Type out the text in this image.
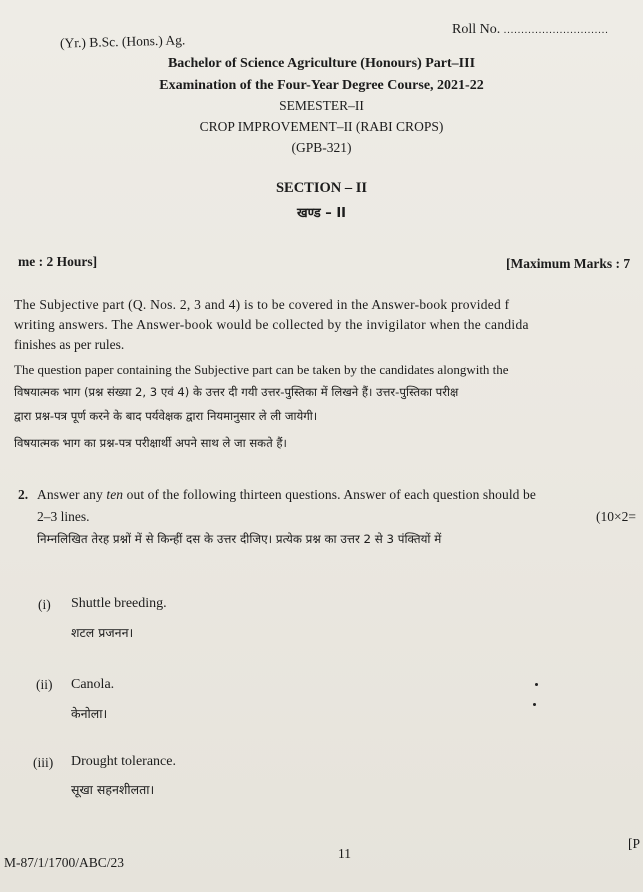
Roll No. ..............................
(Yr.) B.Sc. (Hons.) Ag.
Bachelor of Science Agriculture (Honours) Part–III
Examination of the Four-Year Degree Course, 2021-22
SEMESTER–II
CROP IMPROVEMENT–II (RABI CROPS)
(GPB-321)
SECTION – II
खण्ड – II
me : 2 Hours]	[Maximum Marks : 7
The Subjective part (Q. Nos. 2, 3 and 4) is to be covered in the Answer-book provided f
writing answers. The Answer-book would be collected by the invigilator when the candida
finishes as per rules.
The question paper containing the Subjective part can be taken by the candidates alongwith the
विषयात्मक भाग (प्रश्न संख्या 2, 3 एवं 4) के उत्तर दी गयी उत्तर-पुस्तिका में लिखने हैं। उत्तर-पुस्तिका परीक्ष
द्वारा प्रश्न-पत्र पूर्ण करने के बाद पर्यवेक्षक द्वारा नियमानुसार ले ली जायेगी।
विषयात्मक भाग का प्रश्न-पत्र परीक्षार्थी अपने साथ ले जा सकते हैं।
2. Answer any ten out of the following thirteen questions. Answer of each question should be
2–3 lines.	(10×2=
निम्नलिखित तेरह प्रश्नों में से किन्हीं दस के उत्तर दीजिए। प्रत्येक प्रश्न का उत्तर 2 से 3 पंक्तियों में
(i) Shuttle breeding.
शटल प्रजनन।
(ii) Canola.
केनोला।
(iii) Drought tolerance.
सूखा सहनशीलता।
M-87/1/1700/ABC/23
11
[P
